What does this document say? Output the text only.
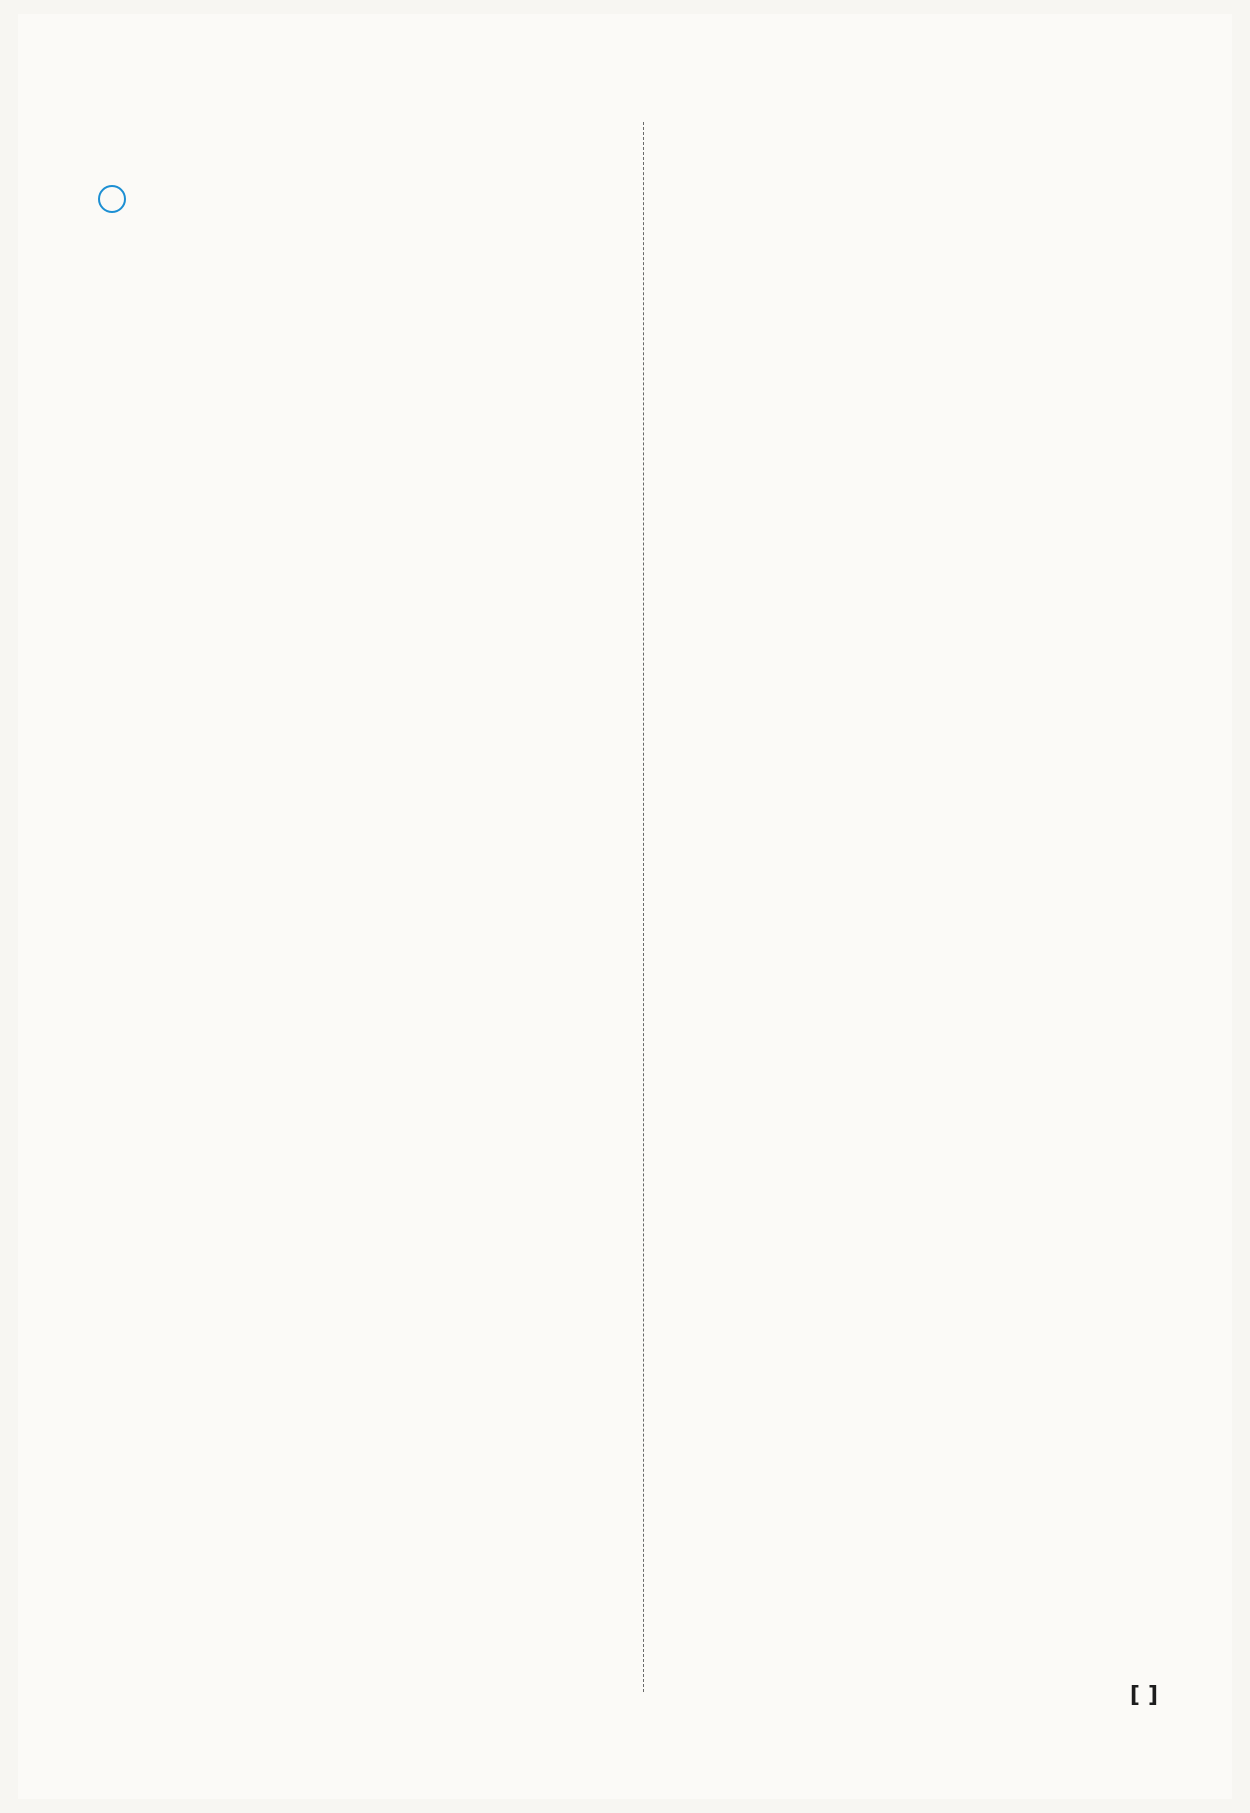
[ ]
